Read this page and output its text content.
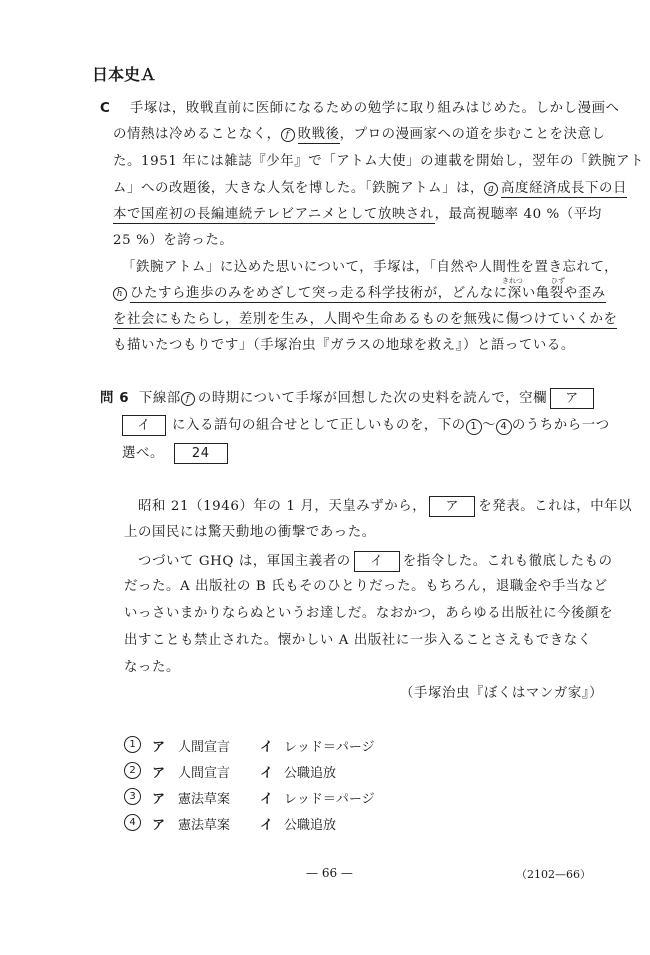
日本史Ａ
C 手塚は，敗戦直前に医師になるための勉学に取り組みはじめた。しかし漫画へ
の情熱は冷めることなく， f 敗戦後，プロの漫画家への道を歩むことを決意し
た。1951 年には雑誌『少年』で「アトム大使」の連載を開始し，翌年の「鉄腕アト
ム」への改題後，大きな人気を博した。「鉄腕アトム」は， g 高度経済成長下の日
本で国産初の長編連続テレビアニメとして放映され，最高視聴率 40 %（平均
25 %）を誇った。
「鉄腕アトム」に込めた思いについて，手塚は，「自然や人間性を置き忘れて，
きれつ	ひず
h ひたすら進歩のみをめざして突っ走る科学技術が，どんなに深い亀裂や歪み
を社会にもたらし，差別を生み，人間や生命あるものを無残に傷つけていくかを
も描いたつもりです」（手塚治虫『ガラスの地球を救え』）と語っている。
問 6 下線部 f の時期について手塚が回想した次の史料を読んで，空欄 ア
イ に入る語句の組合せとして正しいものを，下の 1 ～ 4 のうちから一つ
選べ。 24
昭和 21（1946）年の 1 月，天皇みずから， ア を発表。これは，中年以
上の国民には驚天動地の衝撃であった。
つづいて GHQ は，軍国主義者の イ を指令した。これも徹底したもの
だった。A 出版社の B 氏もそのひとりだった。もちろん，退職金や手当など
いっさいまかりならぬというお達しだ。なおかつ，あらゆる出版社に今後顔を
出すことも禁止された。懐かしい A 出版社に一歩入ることさえもできなく
なった。
（手塚治虫『ぼくはマンガ家』）
1 ア 人間宣言 イ レッド＝パージ
2 ア 人間宣言 イ 公職追放
3 ア 憲法草案 イ レッド＝パージ
4 ア 憲法草案 イ 公職追放
— 66 —	（2102—66）
